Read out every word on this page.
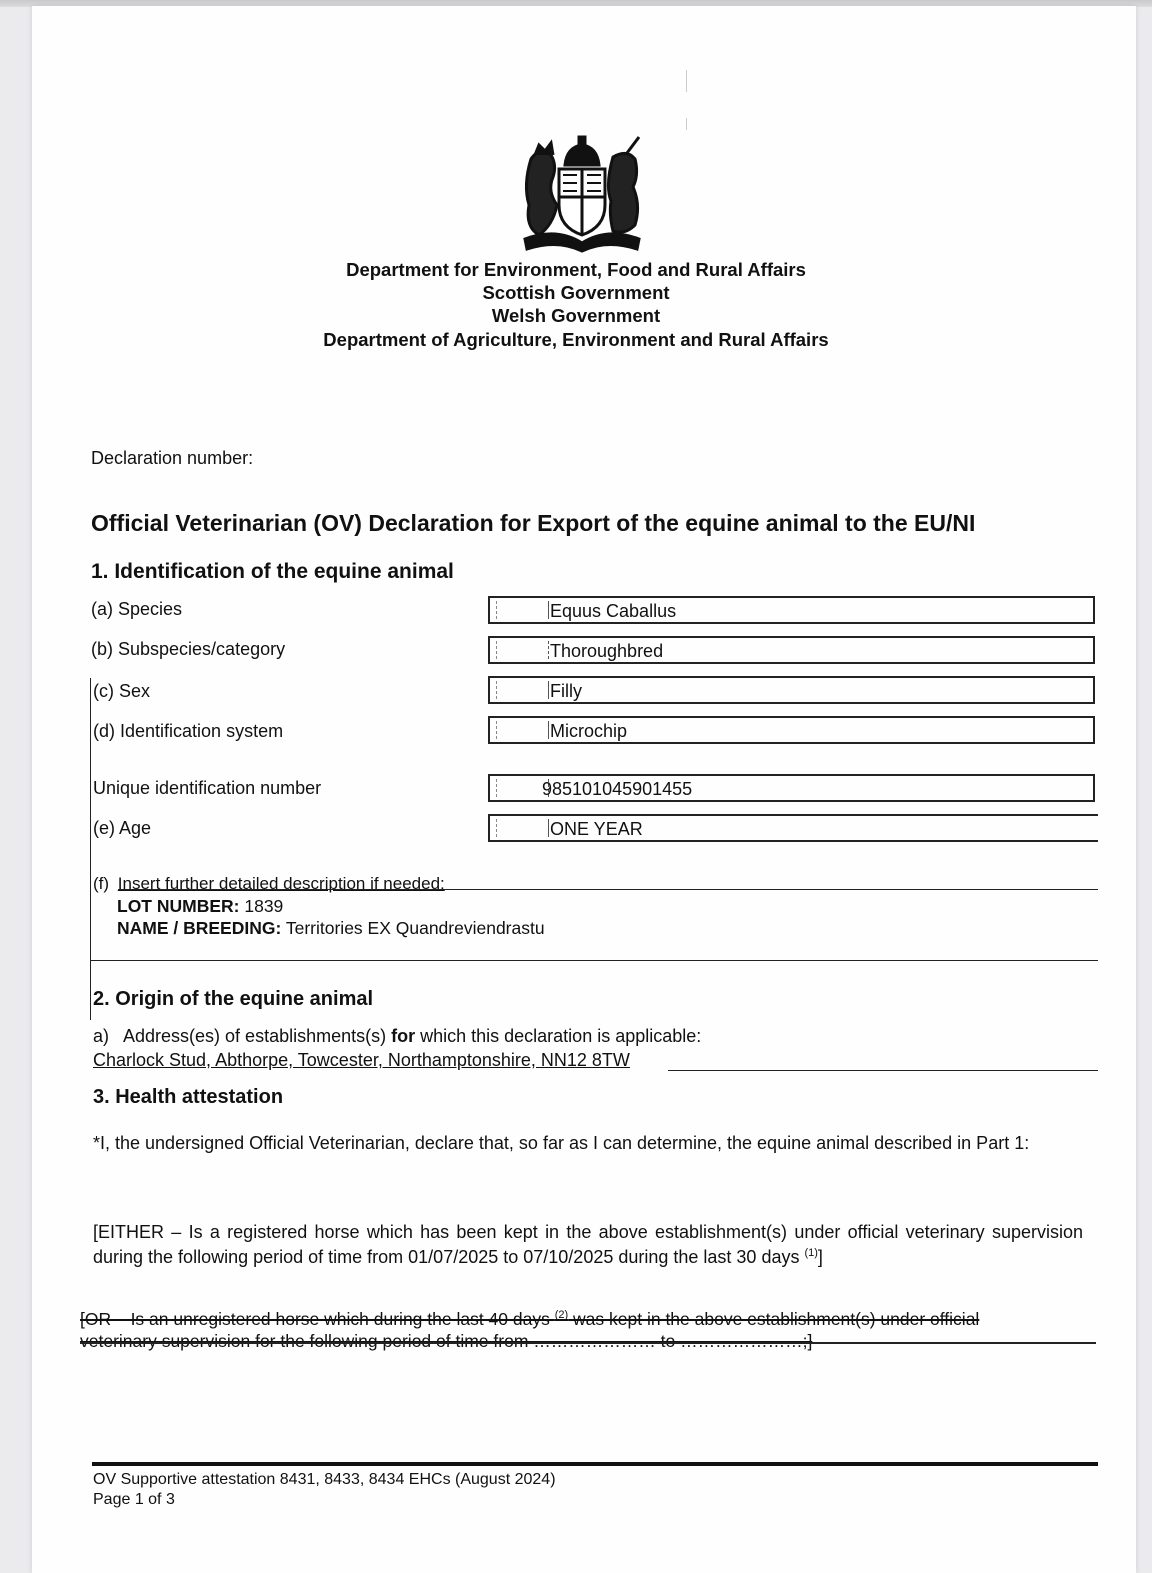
Department for Environment, Food and Rural Affairs
Scottish Government
Welsh Government
Department of Agriculture, Environment and Rural Affairs
Declaration number:
Official Veterinarian (OV) Declaration for Export of the equine animal to the EU/NI
1. Identification of the equine animal
(a) Species	Equus Caballus
(b) Subspecies/category	Thoroughbred
(c) Sex	Filly
(d) Identification system	Microchip
Unique identification number	985101045901455
(e) Age	ONE YEAR
(f) Insert further detailed description if needed:
LOT NUMBER: 1839
NAME / BREEDING: Territories EX Quandreviendrastu
2. Origin of the equine animal
a)   Address(es) of establishments(s) for which this declaration is applicable:
Charlock Stud, Abthorpe, Towcester, Northamptonshire, NN12 8TW
3. Health attestation
*I, the undersigned Official Veterinarian, declare that, so far as I can determine, the equine animal described in Part 1:
[EITHER – Is a registered horse which has been kept in the above establishment(s) under official veterinary supervision during the following period of time from 01/07/2025 to 07/10/2025 during the last 30 days $^{(1)}$]
[OR – Is an unregistered horse which during the last 40 days $^{(2)}$ was kept in the above establishment(s) under official
veterinary supervision for the following period of time from ………………… to …………………;]
OV Supportive attestation 8431, 8433, 8434 EHCs (August 2024)
Page 1 of 3
